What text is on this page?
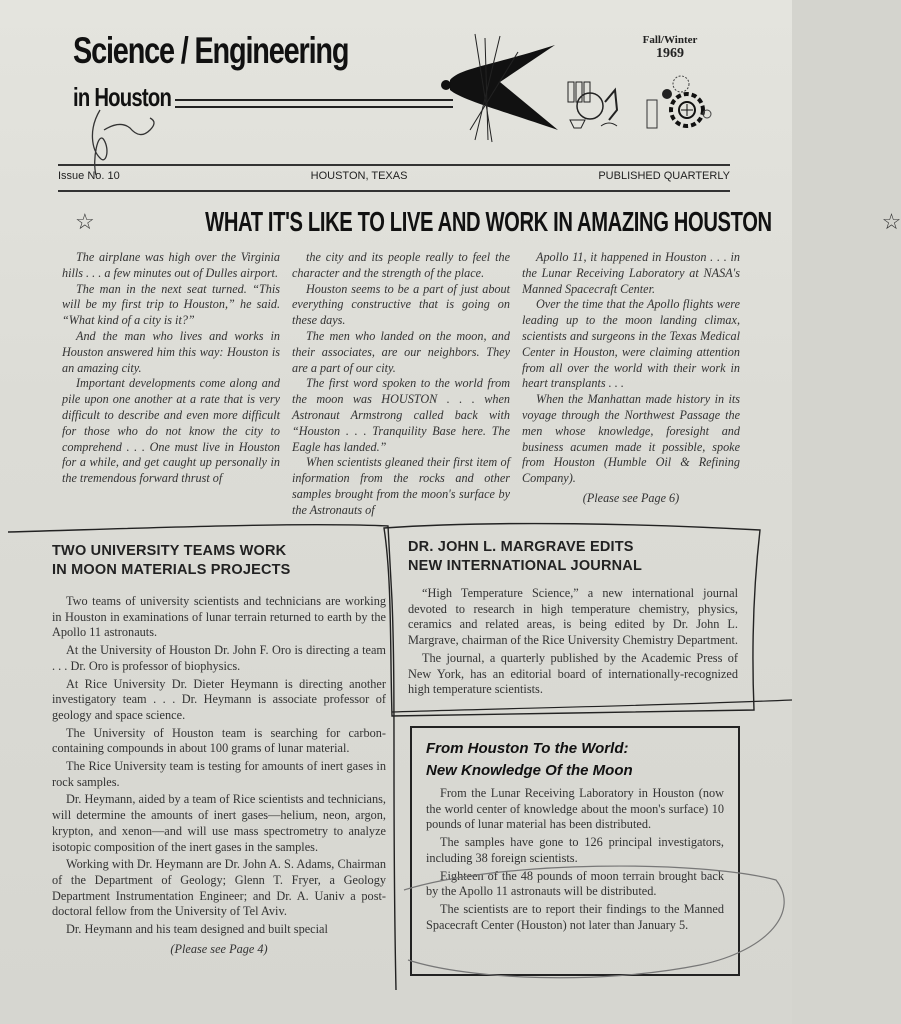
Science / Engineering
in Houston
Fall/Winter
1969
Issue No. 10	HOUSTON, TEXAS	PUBLISHED QUARTERLY
☆	WHAT IT'S LIKE TO LIVE AND WORK IN AMAZING HOUSTON	☆

The airplane was high over the Virginia hills . . . a few minutes out of Dulles airport.

The man in the next seat turned. “This will be my first trip to Houston,” he said. “What kind of a city is it?”

And the man who lives and works in Houston answered him this way: Houston is an amazing city.

Important developments come along and pile upon one another at a rate that is very difficult to describe and even more difficult for those who do not know the city to comprehend . . . One must live in Houston for a while, and get caught up personally in the tremendous forward thrust of

the city and its people really to feel the character and the strength of the place.

Houston seems to be a part of just about everything constructive that is going on these days.

The men who landed on the moon, and their associates, are our neighbors. They are a part of our city.

The first word spoken to the world from the moon was HOUSTON . . . when Astronaut Armstrong called back with “Houston . . . Tranquility Base here. The Eagle has landed.”

When scientists gleaned their first item of information from the rocks and other samples brought from the moon's surface by the Astronauts of

Apollo 11, it happened in Houston . . . in the Lunar Receiving Laboratory at NASA's Manned Spacecraft Center.

Over the time that the Apollo flights were leading up to the moon landing climax, scientists and surgeons in the Texas Medical Center in Houston, were claiming attention from all over the world with their work in heart transplants . . .

When the Manhattan made history in its voyage through the Northwest Passage the men whose knowledge, foresight and business acumen made it possible, spoke from Houston (Humble Oil & Refining Company).

(Please see Page 6)
TWO UNIVERSITY TEAMS WORK
IN MOON MATERIALS PROJECTS

Two teams of university scientists and technicians are working in Houston in examinations of lunar terrain returned to earth by the Apollo 11 astronauts.

At the University of Houston Dr. John F. Oro is directing a team . . . Dr. Oro is professor of biophysics.

At Rice University Dr. Dieter Heymann is directing another investigatory team . . . Dr. Heymann is associate professor of geology and space science.

The University of Houston team is searching for carbon-containing compounds in about 100 grams of lunar material.

The Rice University team is testing for amounts of inert gases in rock samples.

Dr. Heymann, aided by a team of Rice scientists and technicians, will determine the amounts of inert gases—helium, neon, argon, krypton, and xenon—and will use mass spectrometry to analyze isotopic composition of the inert gases in the samples.

Working with Dr. Heymann are Dr. John A. S. Adams, Chairman of the Department of Geology; Glenn T. Fryer, a Geology Department Instrumentation Engineer; and Dr. A. Uaniv a post-doctoral fellow from the University of Tel Aviv.

Dr. Heymann and his team designed and built special

(Please see Page 4)
DR. JOHN L. MARGRAVE EDITS
NEW INTERNATIONAL JOURNAL

“High Temperature Science,” a new international journal devoted to research in high temperature chemistry, physics, ceramics and related areas, is being edited by Dr. John L. Margrave, chairman of the Rice University Chemistry Department.

The journal, a quarterly published by the Academic Press of New York, has an editorial board of internationally-recognized high temperature scientists.

From Houston To the World:
New Knowledge Of the Moon

From the Lunar Receiving Laboratory in Houston (now the world center of knowledge about the moon's surface) 10 pounds of lunar material has been distributed.

The samples have gone to 126 principal investigators, including 38 foreign scientists.

Eighteen of the 48 pounds of moon terrain brought back by the Apollo 11 astronauts will be distributed.

The scientists are to report their findings to the Manned Spacecraft Center (Houston) not later than January 5.
